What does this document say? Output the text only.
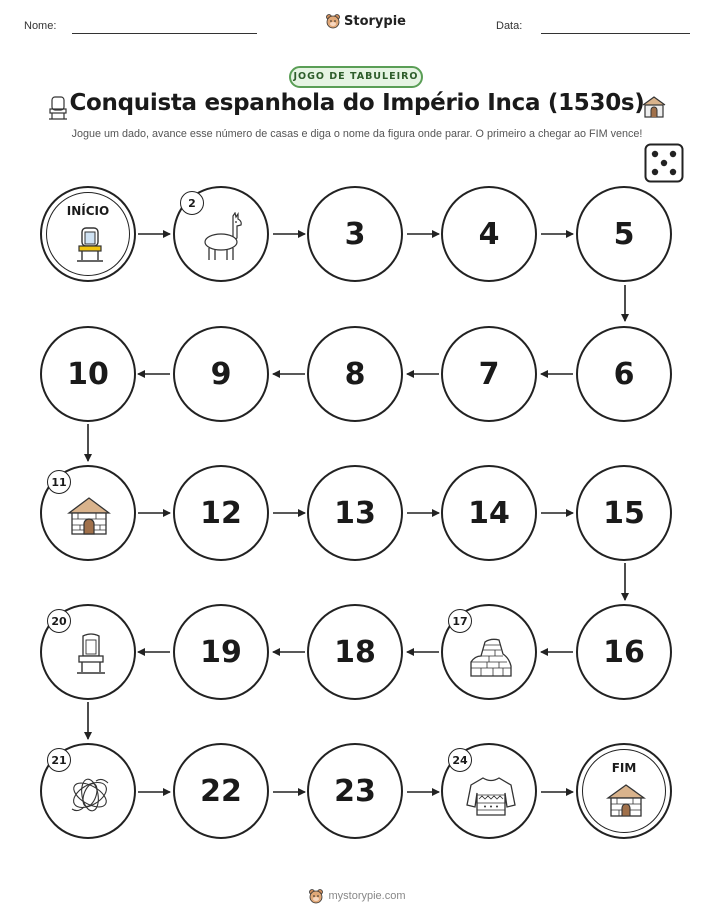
Nome:	Storypie	Data:
JOGO DE TABULEIRO
Conquista espanhola do Império Inca (1530s)
Jogue um dado, avance esse número de casas e diga o nome da figura onde parar. O primeiro a chegar ao FIM vence!
INÍCIO
2
3	4	5
6
7
8
9
10
11
12	13	14	15
16
17
18
19
20
21
22	23
24
FIM
mystorypie.com
